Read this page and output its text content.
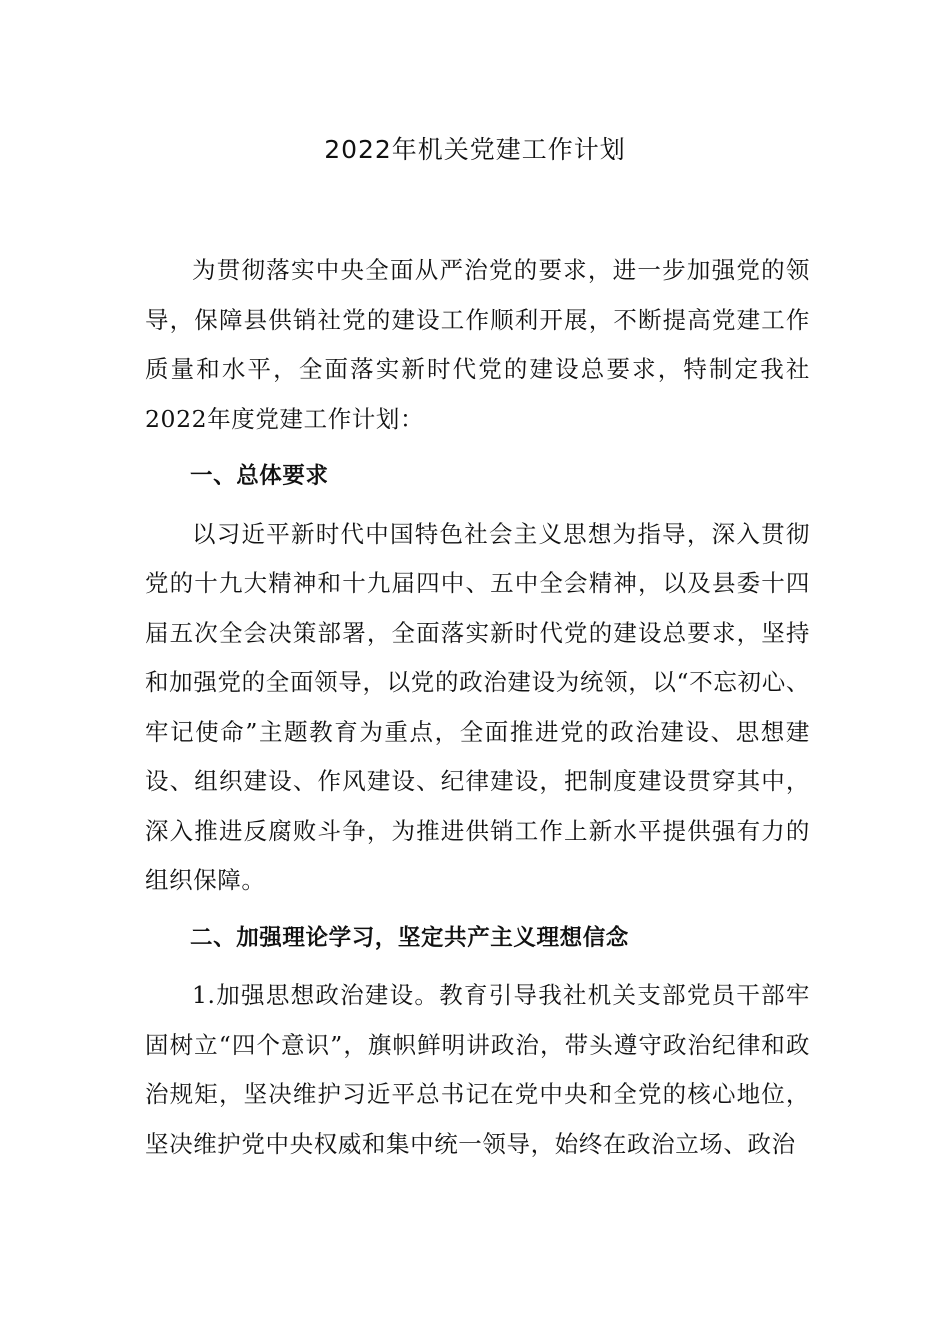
2022年机关党建工作计划

为贯彻落实中央全面从严治党的要求，进一步加强党的领导，保障县供销社党的建设工作顺利开展，不断提高党建工作质量和水平，全面落实新时代党的建设总要求，特制定我社2022年度党建工作计划：

一、总体要求

以习近平新时代中国特色社会主义思想为指导，深入贯彻党的十九大精神和十九届四中、五中全会精神，以及县委十四届五次全会决策部署，全面落实新时代党的建设总要求，坚持和加强党的全面领导，以党的政治建设为统领，以“不忘初心、牢记使命”主题教育为重点，全面推进党的政治建设、思想建设、组织建设、作风建设、纪律建设，把制度建设贯穿其中，深入推进反腐败斗争，为推进供销工作上新水平提供强有力的组织保障。

二、加强理论学习，坚定共产主义理想信念

1.加强思想政治建设。教育引导我社机关支部党员干部牢固树立“四个意识”，旗帜鲜明讲政治，带头遵守政治纪律和政治规矩，坚决维护习近平总书记在党中央和全党的核心地位，坚决维护党中央权威和集中统一领导，始终在政治立场、政治
